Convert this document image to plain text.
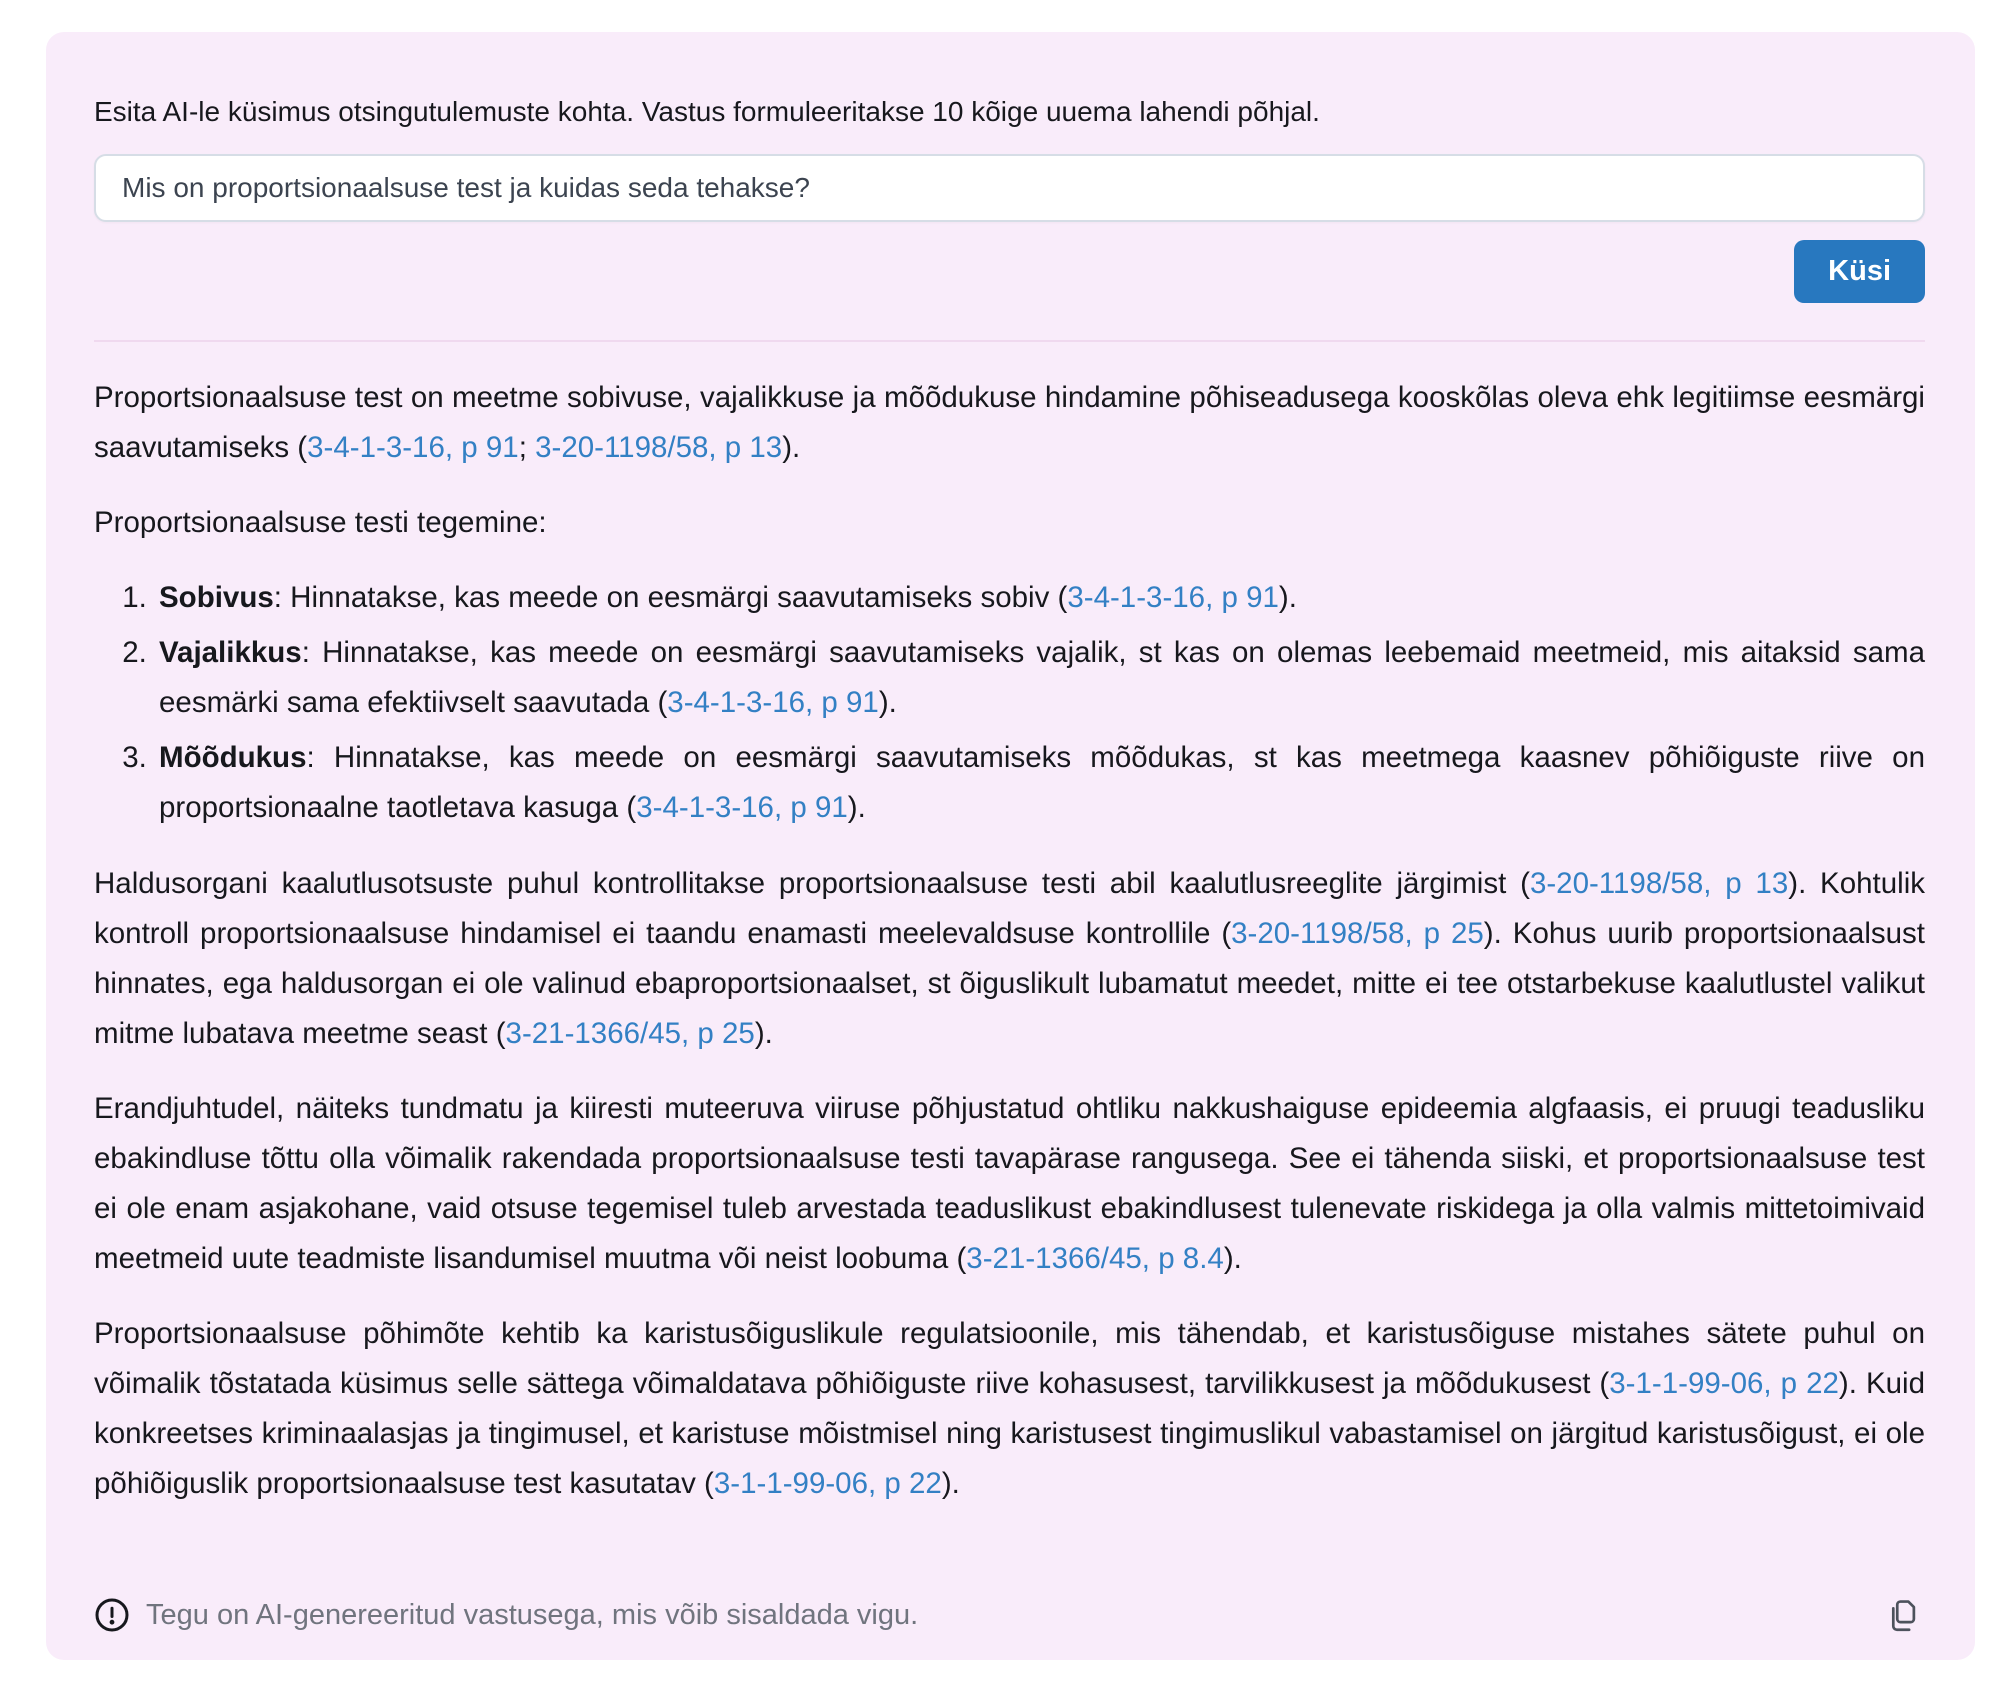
Esita AI-le küsimus otsingutulemuste kohta. Vastus formuleeritakse 10 kõige uuema lahendi põhjal.

Mis on proportsionaalsuse test ja kuidas seda tehakse?
Küsi

Proportsionaalsuse test on meetme sobivuse, vajalikkuse ja mõõdukuse hindamine põhiseadusega kooskõlas oleva ehk legitiimse eesmärgi saavutamiseks (3-4-1-3-16, p 91; 3-20-1198/58, p 13).

Proportsionaalsuse testi tegemine:

1. Sobivus: Hinnatakse, kas meede on eesmärgi saavutamiseks sobiv (3-4-1-3-16, p 91).
2. Vajalikkus: Hinnatakse, kas meede on eesmärgi saavutamiseks vajalik, st kas on olemas leebemaid meetmeid, mis aitaksid sama eesmärki sama efektiivselt saavutada (3-4-1-3-16, p 91).
3. Mõõdukus: Hinnatakse, kas meede on eesmärgi saavutamiseks mõõdukas, st kas meetmega kaasnev põhiõiguste riive on proportsionaalne taotletava kasuga (3-4-1-3-16, p 91).

Haldusorgani kaalutlusotsuste puhul kontrollitakse proportsionaalsuse testi abil kaalutlusreeglite järgimist (3-20-1198/58, p 13). Kohtulik kontroll proportsionaalsuse hindamisel ei taandu enamasti meelevaldsuse kontrollile (3-20-1198/58, p 25). Kohus uurib proportsionaalsust hinnates, ega haldusorgan ei ole valinud ebaproportsionaalset, st õiguslikult lubamatut meedet, mitte ei tee otstarbekuse kaalutlustel valikut mitme lubatava meetme seast (3-21-1366/45, p 25).

Erandjuhtudel, näiteks tundmatu ja kiiresti muteeruva viiruse põhjustatud ohtliku nakkushaiguse epideemia algfaasis, ei pruugi teadusliku ebakindluse tõttu olla võimalik rakendada proportsionaalsuse testi tavapärase rangusega. See ei tähenda siiski, et proportsionaalsuse test ei ole enam asjakohane, vaid otsuse tegemisel tuleb arvestada teaduslikust ebakindlusest tulenevate riskidega ja olla valmis mittetoimivaid meetmeid uute teadmiste lisandumisel muutma või neist loobuma (3-21-1366/45, p 8.4).

Proportsionaalsuse põhimõte kehtib ka karistusõiguslikule regulatsioonile, mis tähendab, et karistusõiguse mistahes sätete puhul on võimalik tõstatada küsimus selle sättega võimaldatava põhiõiguste riive kohasusest, tarvilikkusest ja mõõdukusest (3-1-1-99-06, p 22). Kuid konkreetses kriminaalasjas ja tingimusel, et karistuse mõistmisel ning karistusest tingimuslikul vabastamisel on järgitud karistusõigust, ei ole põhiõiguslik proportsionaalsuse test kasutatav (3-1-1-99-06, p 22).

Tegu on AI-genereeritud vastusega, mis võib sisaldada vigu.
